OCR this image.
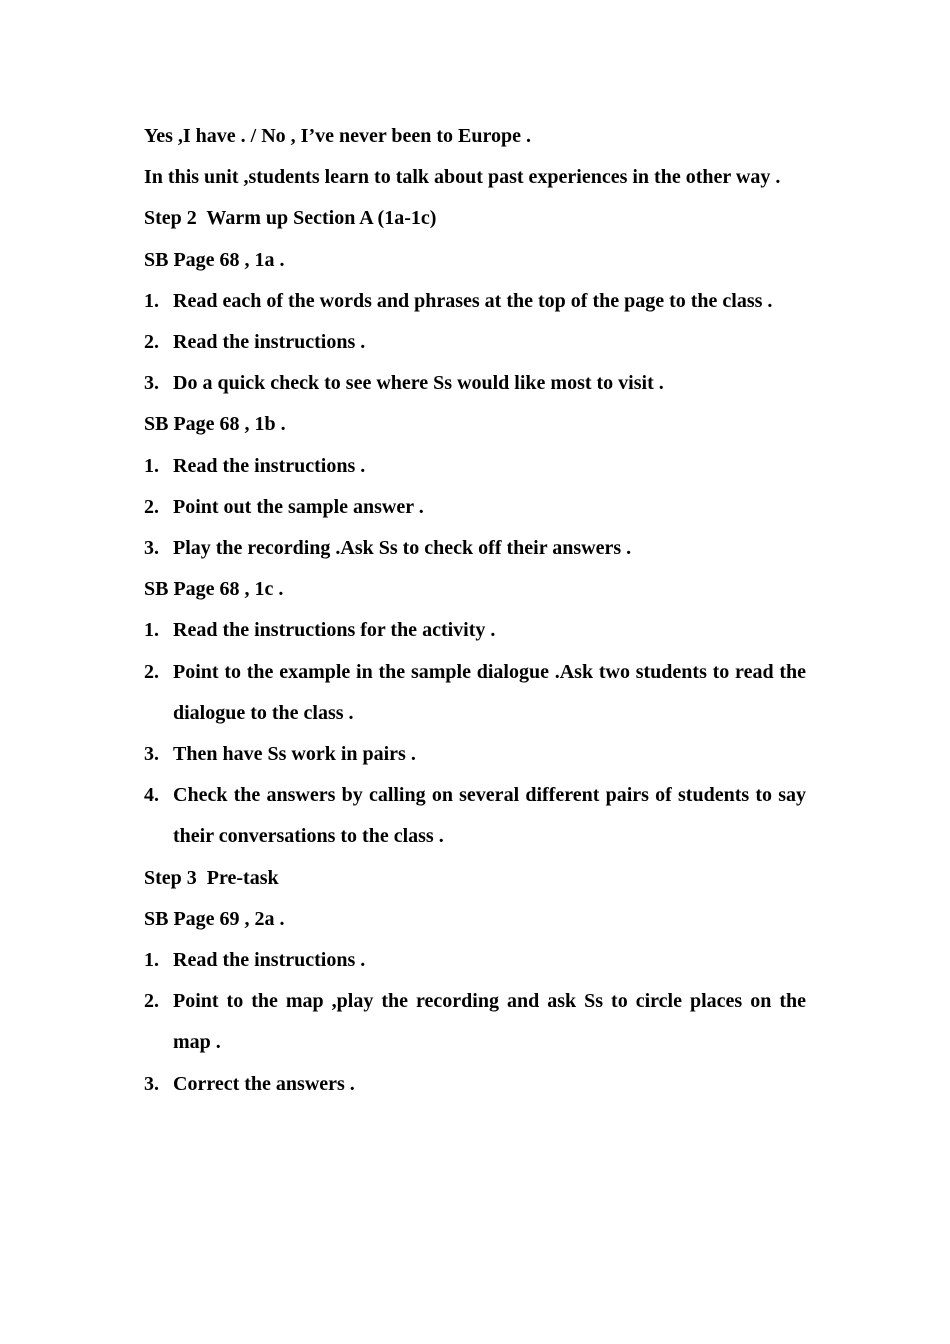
Yes ,I have . / No , I’ve never been to Europe .

In this unit ,students learn to talk about past experiences in the other way .

Step 2  Warm up Section A (1a-1c)

SB Page 68 , 1a .

1. Read each of the words and phrases at the top of the page to the class .
2. Read the instructions .
3. Do a quick check to see where Ss would like most to visit .

SB Page 68 , 1b .

1. Read the instructions .
2. Point out the sample answer .
3. Play the recording .Ask Ss to check off their answers .

SB Page 68 , 1c .

1. Read the instructions for the activity .
2. Point to the example in the sample dialogue .Ask two students to read the dialogue to the class .
3. Then have Ss work in pairs .
4. Check the answers by calling on several different pairs of students to say their conversations to the class .

Step 3  Pre-task

SB Page 69 , 2a .

1. Read the instructions .
2. Point to the map ,play the recording and ask Ss to circle places on the map .
3. Correct the answers .
